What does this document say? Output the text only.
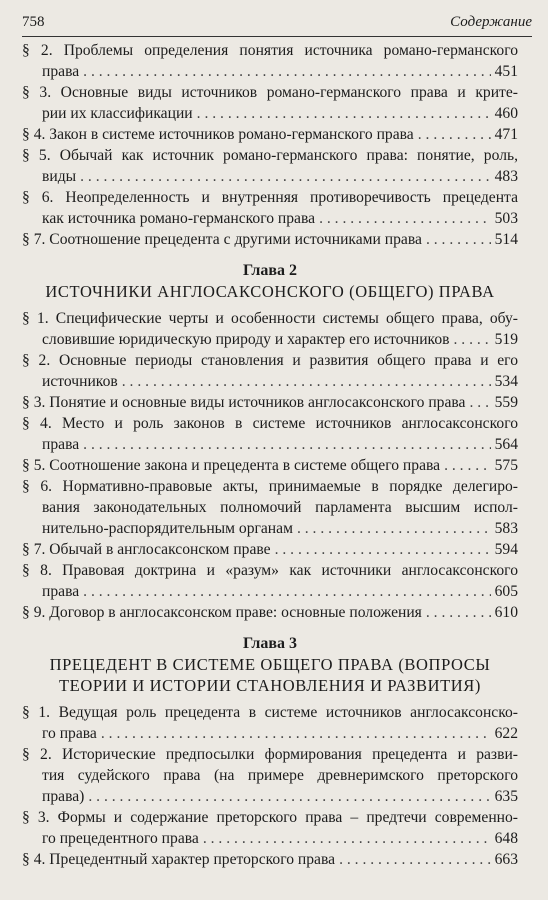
758	Содержание
§ 2. Проблемы определения понятия источника романо-германского
права . . .	451
§ 3. Основные виды источников романо-германского права и крите-
рии их классификации . . .	460
§ 4. Закон в системе источников романо-германского права . . .	471
§ 5. Обычай как источник романо-германского права: понятие, роль,
виды . . .	483
§ 6. Неопределенность и внутренняя противоречивость прецедента
как источника романо-германского права . . .	503
§ 7. Соотношение прецедента с другими источниками права . . .	514
Глава 2
ИСТОЧНИКИ АНГЛОСАКСОНСКОГО (ОБЩЕГО) ПРАВА
§ 1. Специфические черты и особенности системы общего права, обу-
словившие юридическую природу и характер его источников . . .	519
§ 2. Основные периоды становления и развития общего права и его
источников . . .	534
§ 3. Понятие и основные виды источников англосаксонского права . . . 559
§ 4. Место и роль законов в системе источников англосаксонского
права . . .	564
§ 5. Соотношение закона и прецедента в системе общего права . . .	575
§ 6. Нормативно-правовые акты, принимаемые в порядке делегиро-
вания законодательных полномочий парламента высшим испол-
нительно-распорядительным органам . . .	583
§ 7. Обычай в англосаксонском праве . . .	594
§ 8. Правовая доктрина и «разум» как источники англосаксонского
права . . .	605
§ 9. Договор в англосаксонском праве: основные положения . . .	610
Глава 3
ПРЕЦЕДЕНТ В СИСТЕМЕ ОБЩЕГО ПРАВА (ВОПРОСЫ
ТЕОРИИ И ИСТОРИИ СТАНОВЛЕНИЯ И РАЗВИТИЯ)
§ 1. Ведущая роль прецедента в системе источников англосаксонско-
го права . . .	622
§ 2. Исторические предпосылки формирования прецедента и разви-
тия судейского права (на примере древнеримского преторского
права) . . .	635
§ 3. Формы и содержание преторского права – предтечи современно-
го прецедентного права . . .	648
§ 4. Прецедентный характер преторского права . . .	663
